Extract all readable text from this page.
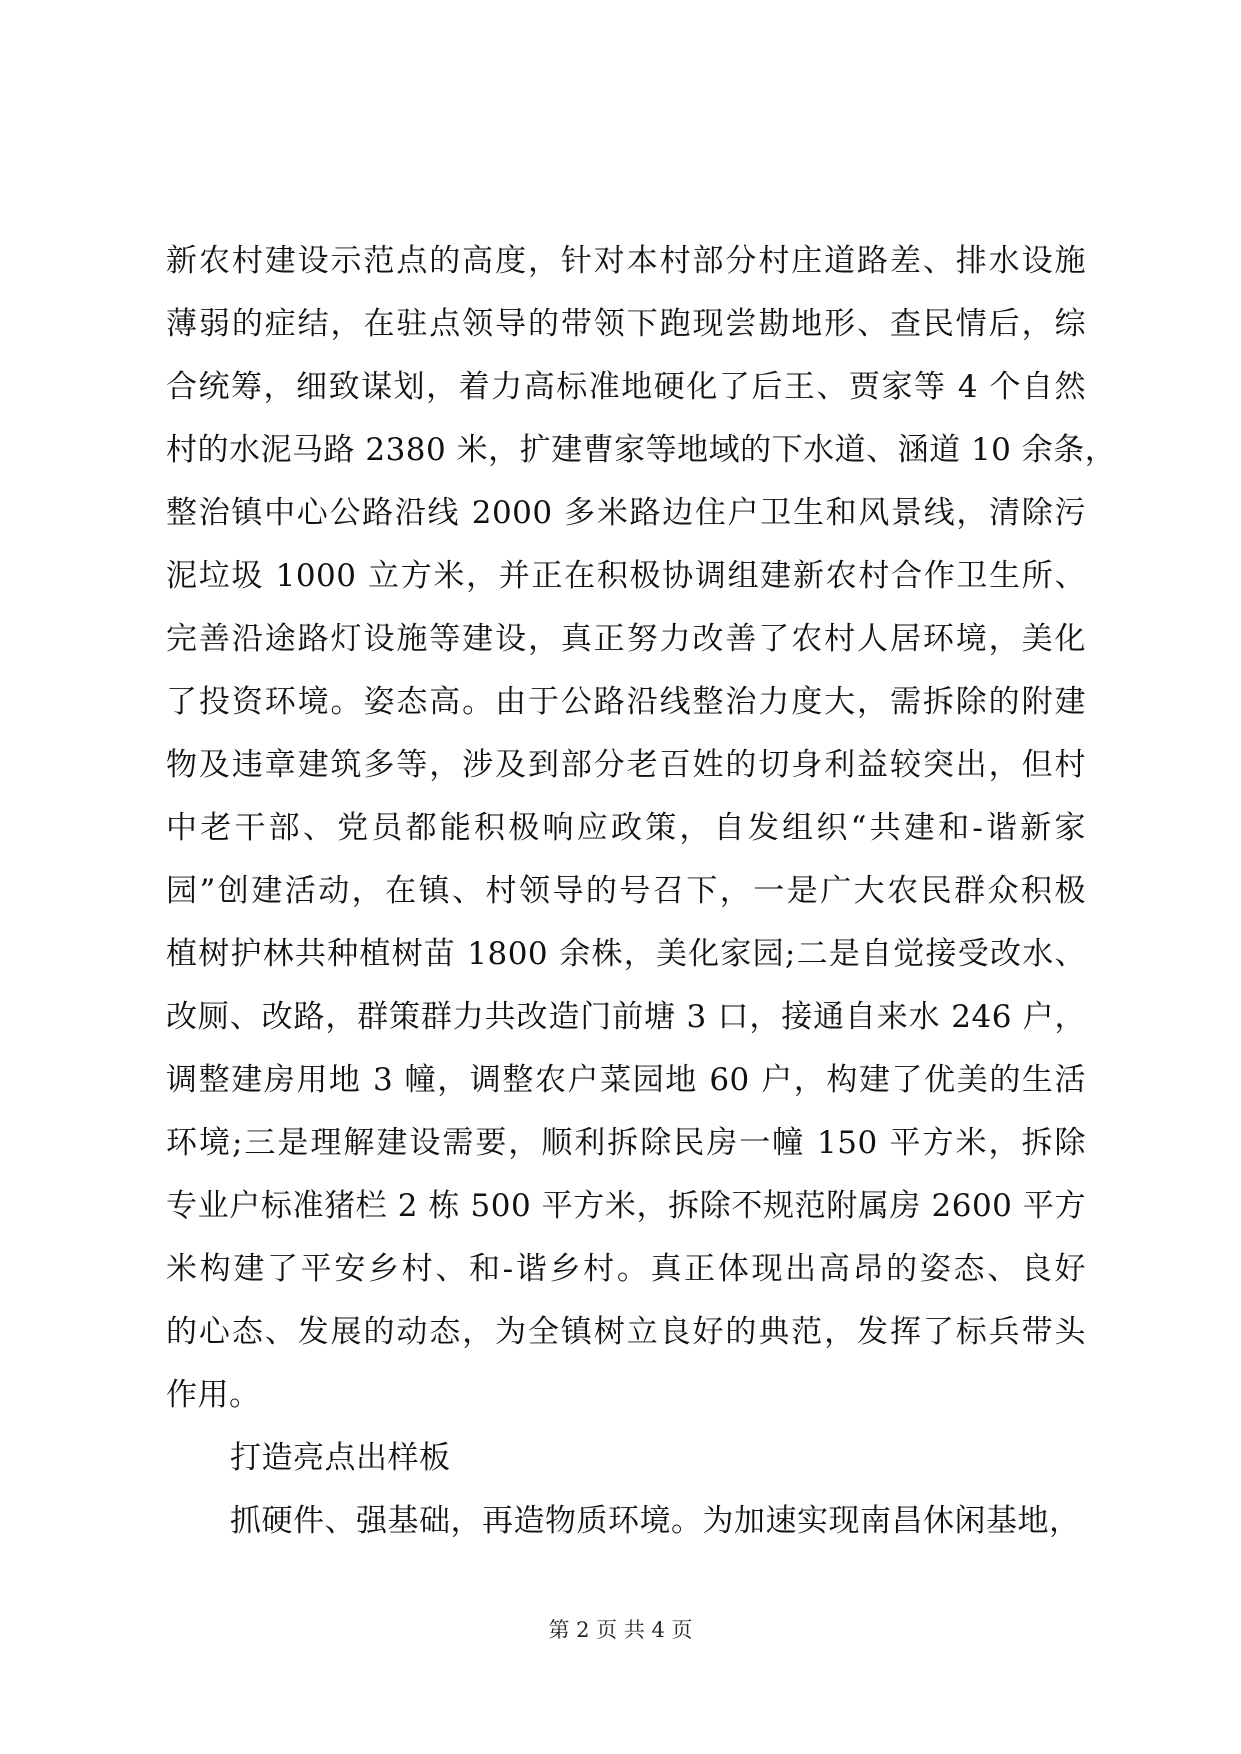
新农村建设示范点的高度，针对本村部分村庄道路差、排水设施
薄弱的症结，在驻点领导的带领下跑现尝勘地形、查民情后，综
合统筹，细致谋划，着力高标准地硬化了后王、贾家等 4 个自然
村的水泥马路 2380 米，扩建曹家等地域的下水道、涵道 10 余条，
整治镇中心公路沿线 2000 多米路边住户卫生和风景线，清除污
泥垃圾 1000 立方米，并正在积极协调组建新农村合作卫生所、
完善沿途路灯设施等建设，真正努力改善了农村人居环境，美化
了投资环境。姿态高。由于公路沿线整治力度大，需拆除的附建
物及违章建筑多等，涉及到部分老百姓的切身利益较突出，但村
中老干部、党员都能积极响应政策，自发组织“共建和-谐新家
园”创建活动，在镇、村领导的号召下，一是广大农民群众积极
植树护林共种植树苗 1800 余株，美化家园;二是自觉接受改水、
改厕、改路，群策群力共改造门前塘 3 口，接通自来水 246 户，
调整建房用地 3 幢，调整农户菜园地 60 户，构建了优美的生活
环境;三是理解建设需要，顺利拆除民房一幢 150 平方米，拆除
专业户标准猪栏 2 栋 500 平方米，拆除不规范附属房 2600 平方
米构建了平安乡村、和-谐乡村。真正体现出高昂的姿态、良好
的心态、发展的动态，为全镇树立良好的典范，发挥了标兵带头
作用。
打造亮点出样板
抓硬件、强基础，再造物质环境。为加速实现南昌休闲基地，
第 2 页 共 4 页
